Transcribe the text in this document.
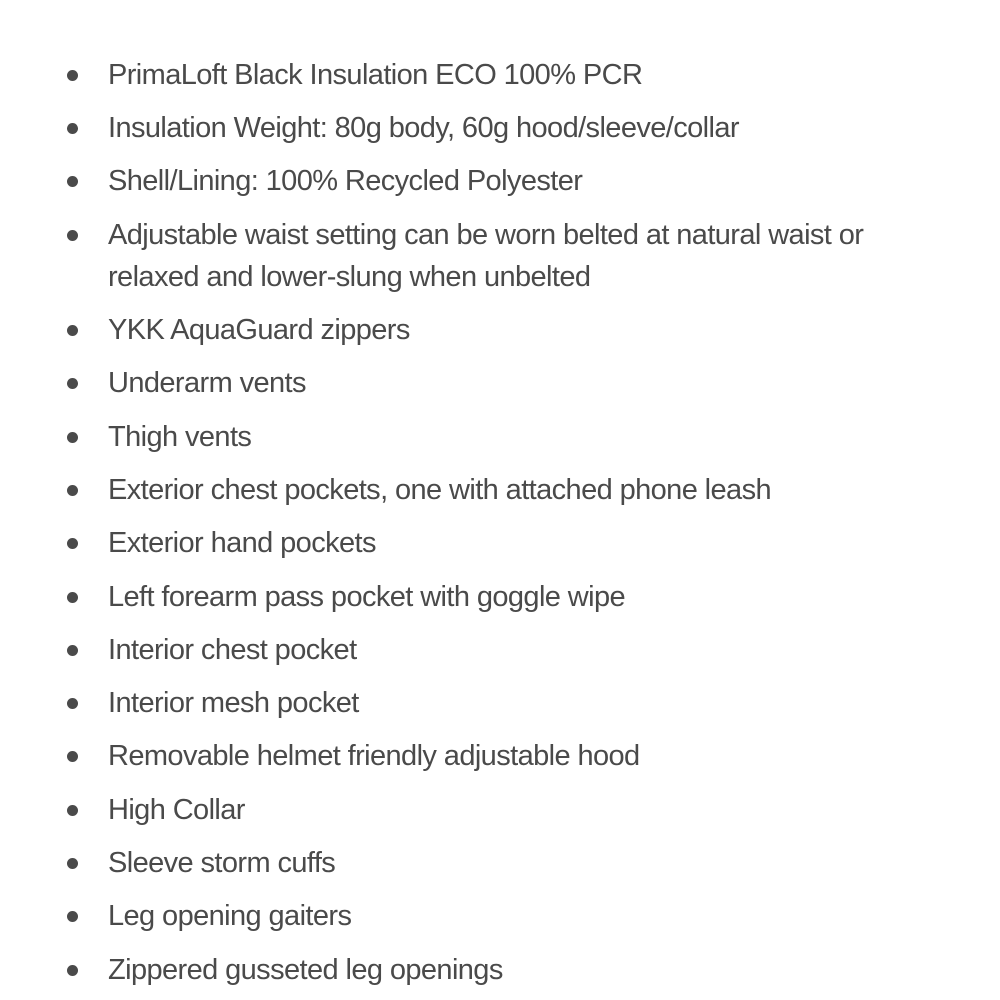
PrimaLoft Black Insulation ECO 100% PCR
Insulation Weight: 80g body, 60g hood/sleeve/collar
Shell/Lining: 100% Recycled Polyester
Adjustable waist setting can be worn belted at natural waist or relaxed and lower-slung when unbelted
YKK AquaGuard zippers
Underarm vents
Thigh vents
Exterior chest pockets, one with attached phone leash
Exterior hand pockets
Left forearm pass pocket with goggle wipe
Interior chest pocket
Interior mesh pocket
Removable helmet friendly adjustable hood
High Collar
Sleeve storm cuffs
Leg opening gaiters
Zippered gusseted leg openings
